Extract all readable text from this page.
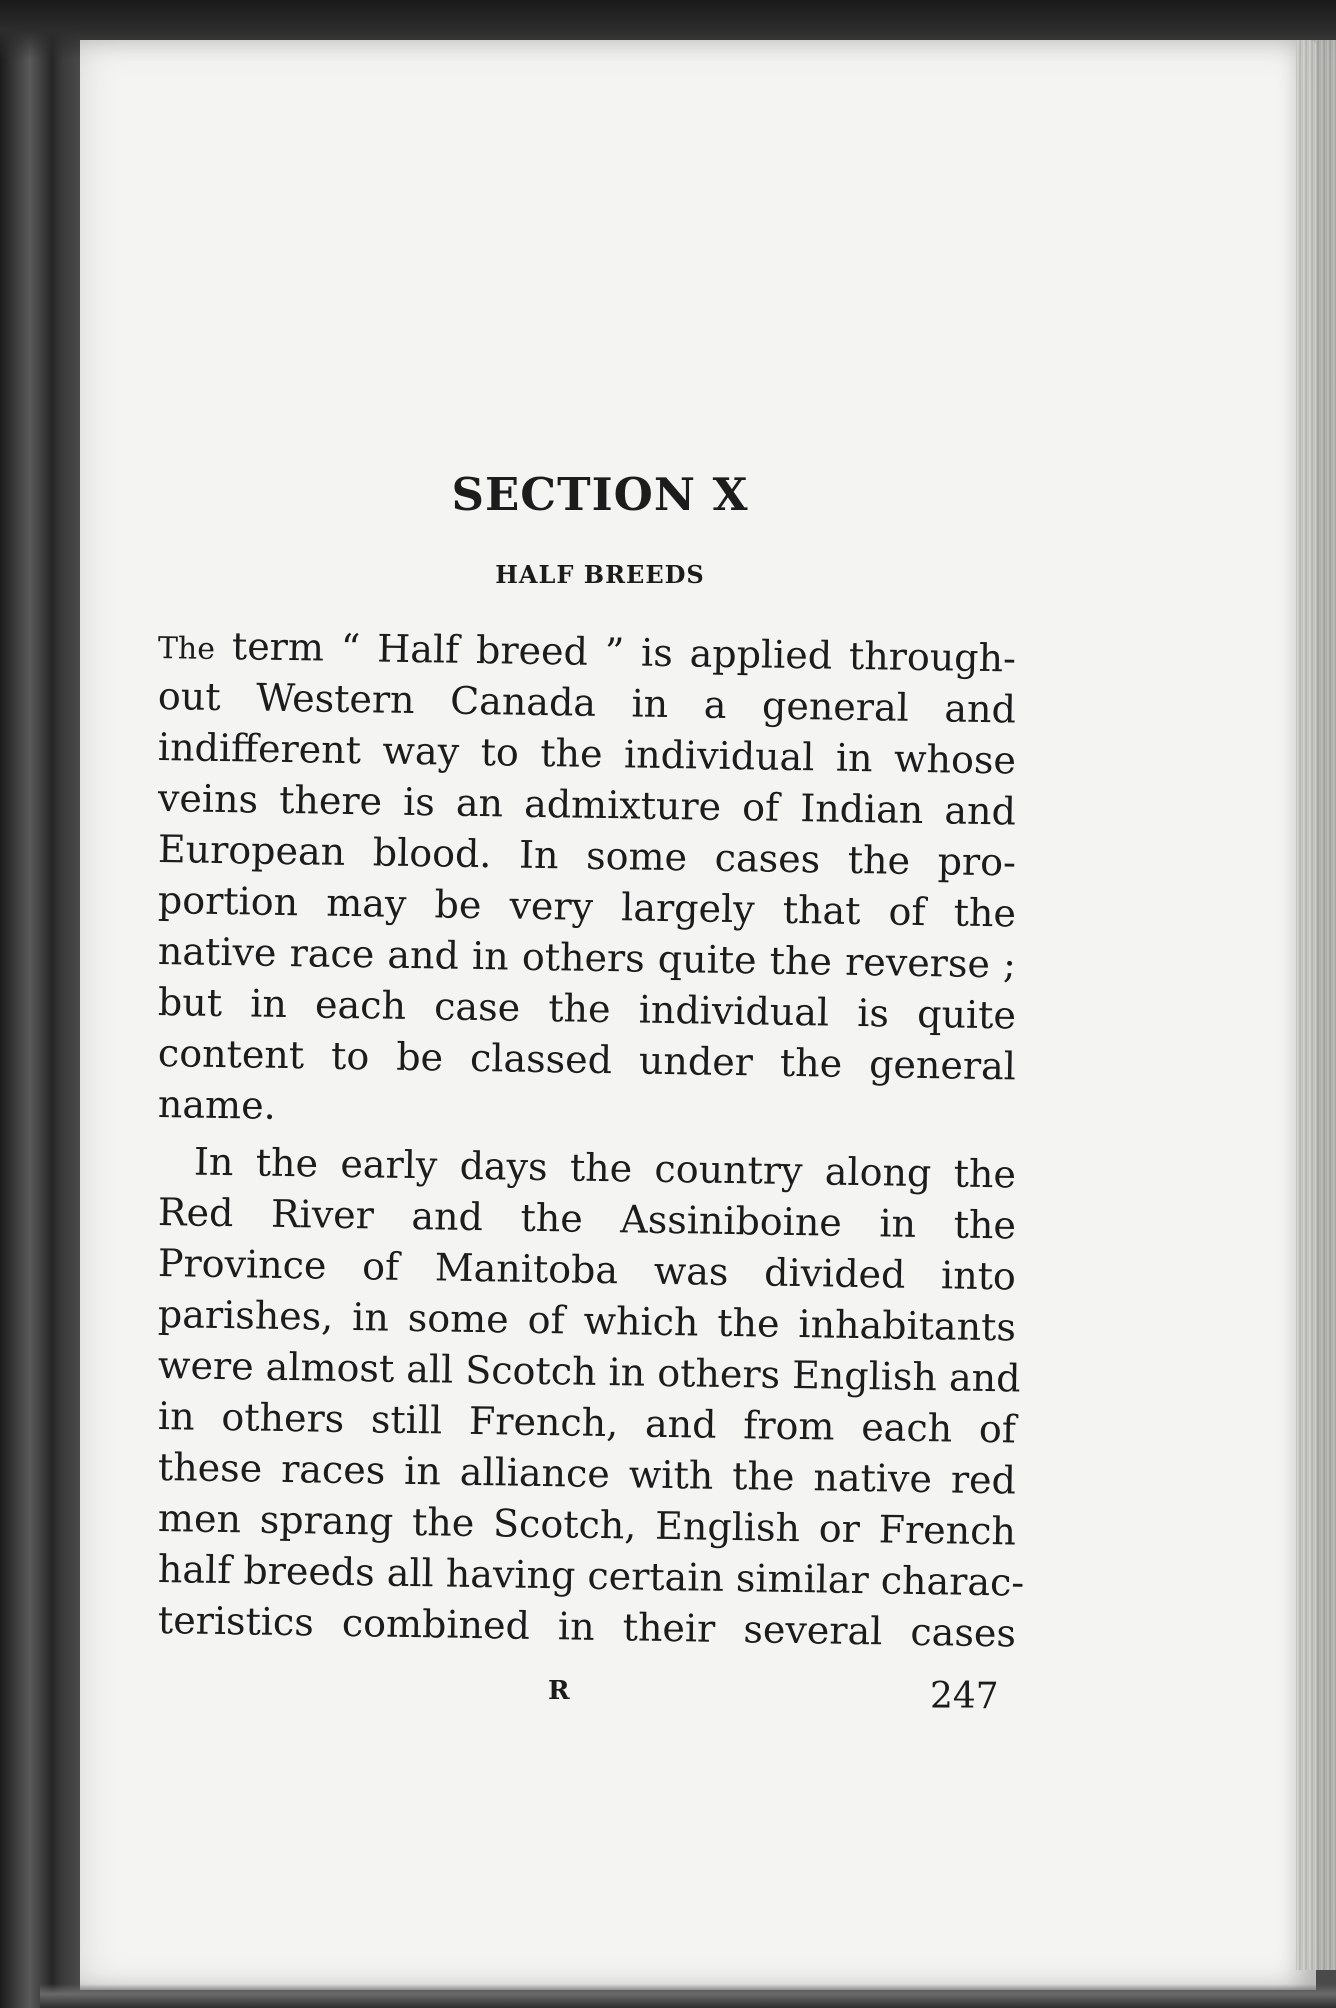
SECTION X
HALF BREEDS
The term “ Half breed ” is applied through-
out Western Canada in a general and
indifferent way to the individual in whose
veins there is an admixture of Indian and
European blood. In some cases the pro-
portion may be very largely that of the
native race and in others quite the reverse ;
but in each case the individual is quite
content to be classed under the general
name.
In the early days the country along the
Red River and the Assiniboine in the
Province of Manitoba was divided into
parishes, in some of which the inhabitants
were almost all Scotch in others English and
in others still French, and from each of
these races in alliance with the native red
men sprang the Scotch, English or French
half breeds all having certain similar charac-
teristics combined in their several cases
R	247
